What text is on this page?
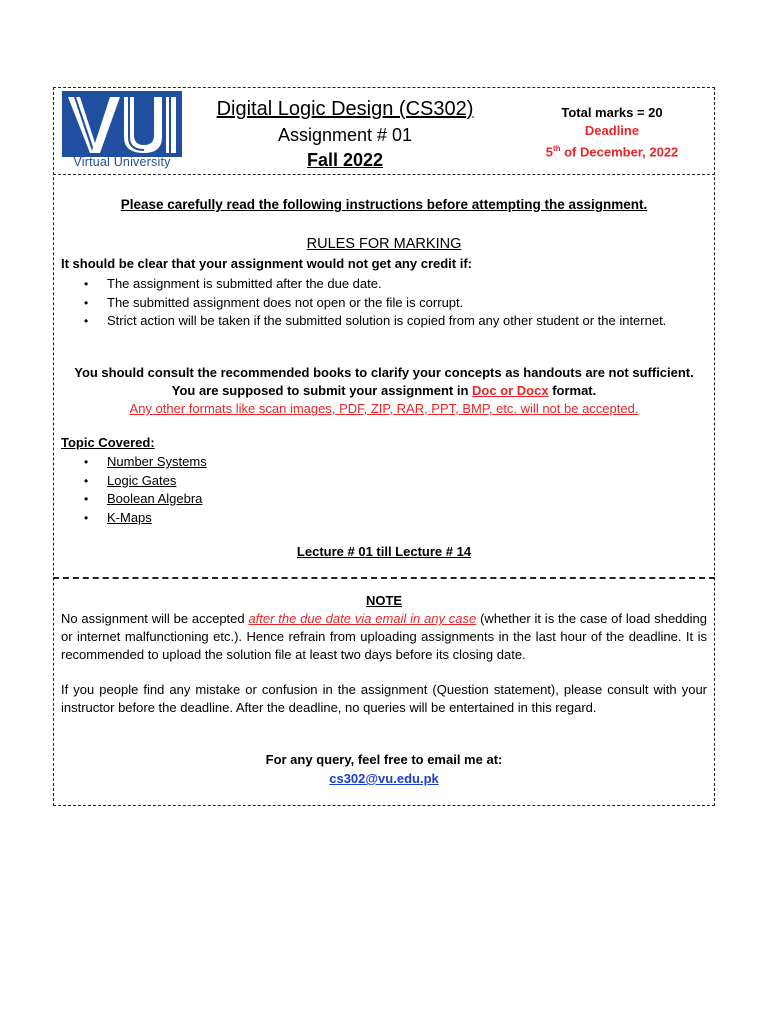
Virtual University
Digital Logic Design (CS302)
Assignment # 01
Fall 2022
Total marks = 20
Deadline
5th of December, 2022
Please carefully read the following instructions before attempting the assignment.
RULES FOR MARKING
It should be clear that your assignment would not get any credit if:
• The assignment is submitted after the due date.
• The submitted assignment does not open or the file is corrupt.
• Strict action will be taken if the submitted solution is copied from any other student or the internet.
You should consult the recommended books to clarify your concepts as handouts are not sufficient.
You are supposed to submit your assignment in Doc or Docx format.
Any other formats like scan images, PDF, ZIP, RAR, PPT, BMP, etc. will not be accepted.
Topic Covered:
• Number Systems
• Logic Gates
• Boolean Algebra
• K-Maps
Lecture # 01 till Lecture # 14
NOTE
No assignment will be accepted after the due date via email in any case (whether it is the case of load shedding or internet malfunctioning etc.). Hence refrain from uploading assignments in the last hour of the deadline. It is recommended to upload the solution file at least two days before its closing date.
If you people find any mistake or confusion in the assignment (Question statement), please consult with your instructor before the deadline. After the deadline, no queries will be entertained in this regard.
For any query, feel free to email me at:
cs302@vu.edu.pk
